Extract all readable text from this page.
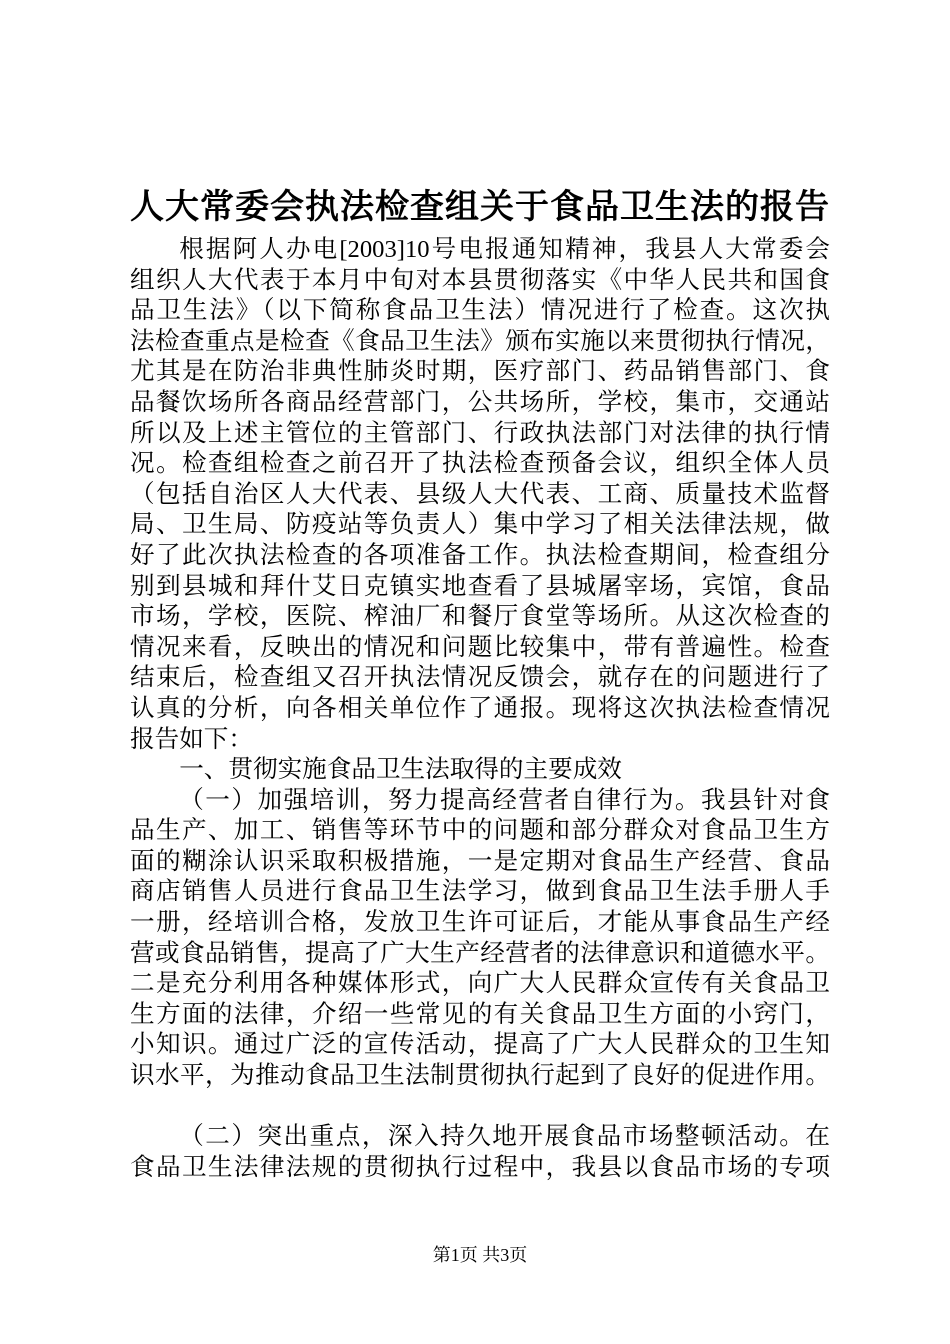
人大常委会执法检查组关于食品卫生法的报告
根据阿人办电[2003]10号电报通知精神，我县人大常委会
组织人大代表于本月中旬对本县贯彻落实《中华人民共和国食
品卫生法》（以下简称食品卫生法）情况进行了检查。这次执
法检查重点是检查《食品卫生法》颁布实施以来贯彻执行情况，
尤其是在防治非典性肺炎时期，医疗部门、药品销售部门、食
品餐饮场所各商品经营部门，公共场所，学校，集市，交通站
所以及上述主管位的主管部门、行政执法部门对法律的执行情
况。检查组检查之前召开了执法检查预备会议，组织全体人员
（包括自治区人大代表、县级人大代表、工商、质量技术监督
局、卫生局、防疫站等负责人）集中学习了相关法律法规，做
好了此次执法检查的各项准备工作。执法检查期间，检查组分
别到县城和拜什艾日克镇实地查看了县城屠宰场，宾馆，食品
市场，学校，医院、榨油厂和餐厅食堂等场所。从这次检查的
情况来看，反映出的情况和问题比较集中，带有普遍性。检查
结束后，检查组又召开执法情况反馈会，就存在的问题进行了
认真的分析，向各相关单位作了通报。现将这次执法检查情况
报告如下：
一、贯彻实施食品卫生法取得的主要成效
（一）加强培训，努力提高经营者自律行为。我县针对食
品生产、加工、销售等环节中的问题和部分群众对食品卫生方
面的糊涂认识采取积极措施，一是定期对食品生产经营、食品
商店销售人员进行食品卫生法学习，做到食品卫生法手册人手
一册，经培训合格，发放卫生许可证后，才能从事食品生产经
营或食品销售，提高了广大生产经营者的法律意识和道德水平。
二是充分利用各种媒体形式，向广大人民群众宣传有关食品卫
生方面的法律，介绍一些常见的有关食品卫生方面的小窍门，
小知识。通过广泛的宣传活动，提高了广大人民群众的卫生知
识水平，为推动食品卫生法制贯彻执行起到了良好的促进作用。
（二）突出重点，深入持久地开展食品市场整顿活动。在
食品卫生法律法规的贯彻执行过程中，我县以食品市场的专项
第1页 共3页
